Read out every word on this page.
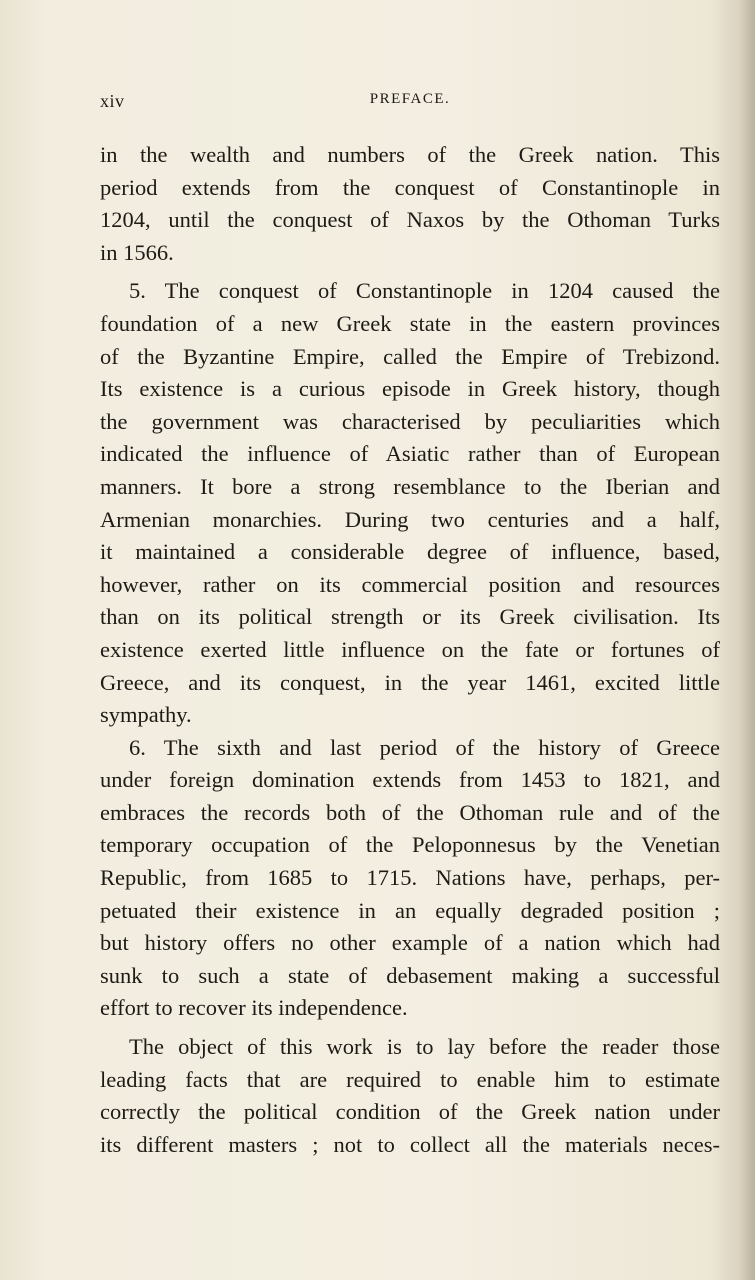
xiv	PREFACE.
in the wealth and numbers of the Greek nation. This
period extends from the conquest of Constantinople in
1204, until the conquest of Naxos by the Othoman Turks
in 1566.
5. The conquest of Constantinople in 1204 caused the
foundation of a new Greek state in the eastern provinces
of the Byzantine Empire, called the Empire of Trebizond.
Its existence is a curious episode in Greek history, though
the government was characterised by peculiarities which
indicated the influence of Asiatic rather than of European
manners. It bore a strong resemblance to the Iberian and
Armenian monarchies. During two centuries and a half,
it maintained a considerable degree of influence, based,
however, rather on its commercial position and resources
than on its political strength or its Greek civilisation. Its
existence exerted little influence on the fate or fortunes of
Greece, and its conquest, in the year 1461, excited little
sympathy.
6. The sixth and last period of the history of Greece
under foreign domination extends from 1453 to 1821, and
embraces the records both of the Othoman rule and of the
temporary occupation of the Peloponnesus by the Venetian
Republic, from 1685 to 1715. Nations have, perhaps, per-
petuated their existence in an equally degraded position ;
but history offers no other example of a nation which had
sunk to such a state of debasement making a successful
effort to recover its independence.
The object of this work is to lay before the reader those
leading facts that are required to enable him to estimate
correctly the political condition of the Greek nation under
its different masters ; not to collect all the materials neces-
